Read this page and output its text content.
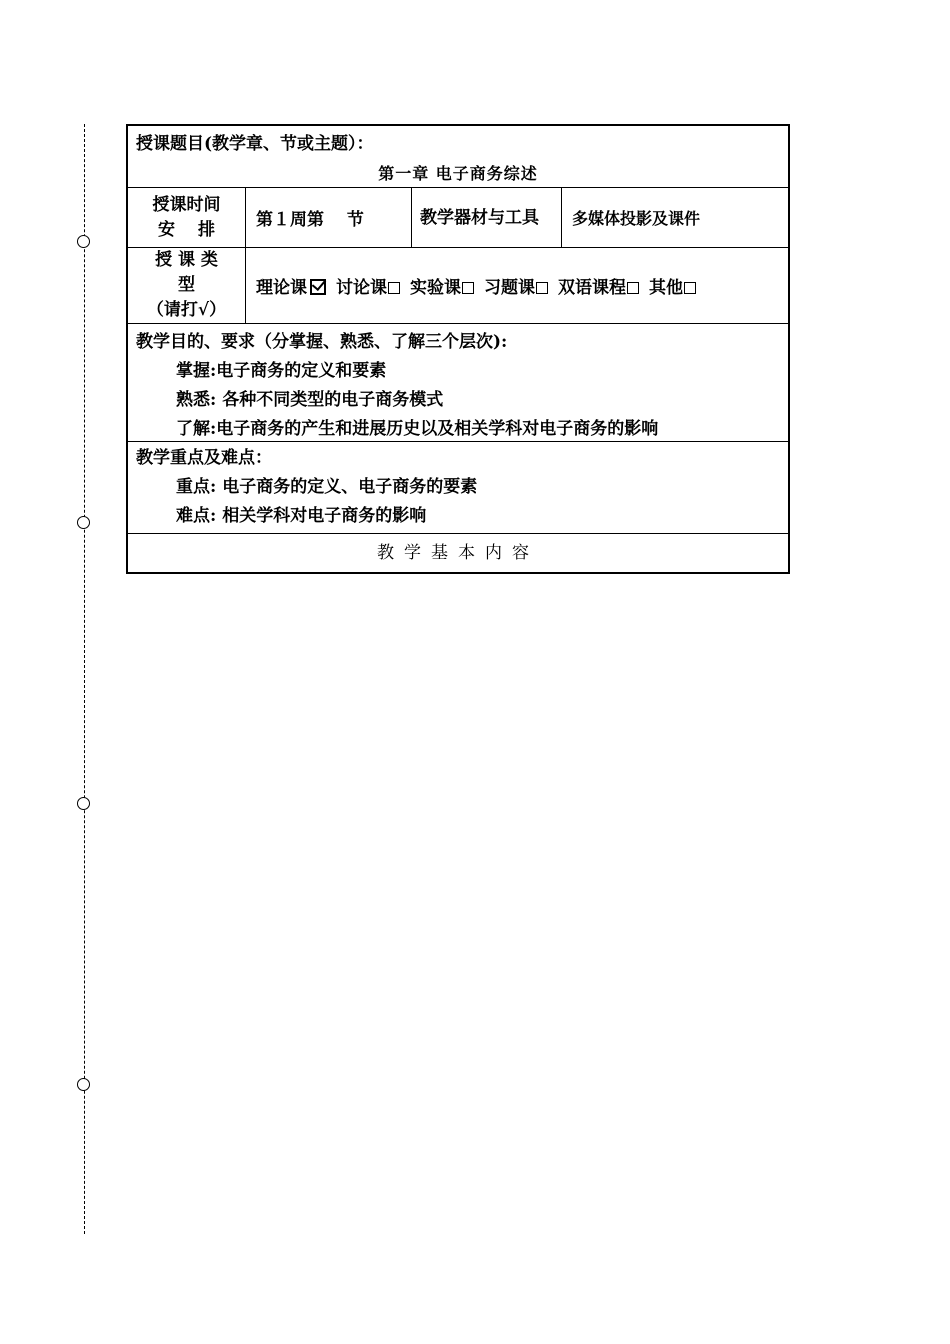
授课题目(教学章、节或主题）：
第一章 电子商务综述
授课时间
安　 排	第１周第　 节	教学器材与工具	多媒体投影及课件
授 课 类
型
（请打√）
理论课	讨论课	实验课	习题课	双语课程	其他
教学目的、要求（分掌握、熟悉、了解三个层次):
掌握:电子商务的定义和要素
熟悉: 各种不同类型的电子商务模式
了解:电子商务的产生和进展历史以及相关学科对电子商务的影响
教学重点及难点：
重点: 电子商务的定义、电子商务的要素
难点: 相关学科对电子商务的影响
教学基本内容
